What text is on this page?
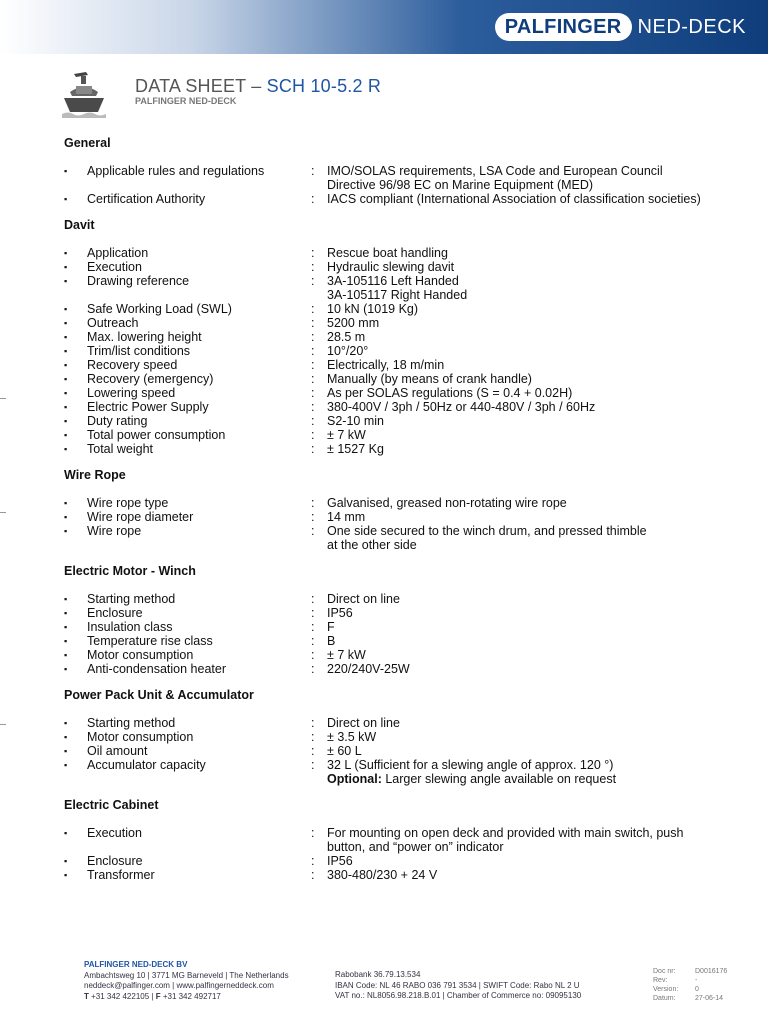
PALFINGER NED-DECK
DATA SHEET – SCH 10-5.2 R
PALFINGER NED-DECK
General
▪	Applicable rules and regulations	:	IMO/SOLAS requirements, LSA Code and European Council
Directive 96/98 EC on Marine Equipment (MED)
▪	Certification Authority	:	IACS compliant (International Association of classification societies)
Davit
▪	Application	:	Rescue boat handling
▪	Execution	:	Hydraulic slewing davit
▪	Drawing reference	:	3A-105116 Left Handed
3A-105117 Right Handed
▪	Safe Working Load (SWL)	:	10 kN (1019 Kg)
▪	Outreach	:	5200 mm
▪	Max. lowering height	:	28.5 m
▪	Trim/list conditions	:	10°/20°
▪	Recovery speed	:	Electrically, 18 m/min
▪	Recovery (emergency)	:	Manually (by means of crank handle)
▪	Lowering speed	:	As per SOLAS regulations (S = 0.4 + 0.02H)
▪	Electric Power Supply	:	380-400V / 3ph / 50Hz or 440-480V / 3ph / 60Hz
▪	Duty rating	:	S2-10 min
▪	Total power consumption	:	± 7 kW
▪	Total weight	:	± 1527 Kg
Wire Rope
▪	Wire rope type	:	Galvanised, greased non-rotating wire rope
▪	Wire rope diameter	:	14 mm
▪	Wire rope	:	One side secured to the winch drum, and pressed thimble
at the other side
Electric Motor - Winch
▪	Starting method	:	Direct on line
▪	Enclosure	:	IP56
▪	Insulation class	:	F
▪	Temperature rise class	:	B
▪	Motor consumption	:	± 7 kW
▪	Anti-condensation heater	:	220/240V-25W
Power Pack Unit & Accumulator
▪	Starting method	:	Direct on line
▪	Motor consumption	:	± 3.5 kW
▪	Oil amount	:	± 60 L
▪	Accumulator capacity	:	32 L (Sufficient for a slewing angle of approx. 120 °)
Optional: Larger slewing angle available on request
Electric Cabinet
▪	Execution	:	For mounting on open deck and provided with main switch, push
button, and “power on” indicator
▪	Enclosure	:	IP56
▪	Transformer	:	380-480/230 + 24 V
PALFINGER NED-DECK BV
Ambachtsweg 10 | 3771 MG Barneveld | The Netherlands
neddeck@palfinger.com | www.palfingerneddeck.com
T +31 342 422105 | F +31 342 492717
Rabobank 36.79.13.534
IBAN Code: NL 46 RABO 036 791 3534 | SWIFT Code: Rabo NL 2 U
VAT no.: NL8056.98.218.B.01 | Chamber of Commerce no: 09095130
Doc nr:	D0016176
Rev:	-
Version:	0
Datum:	27-06-14
